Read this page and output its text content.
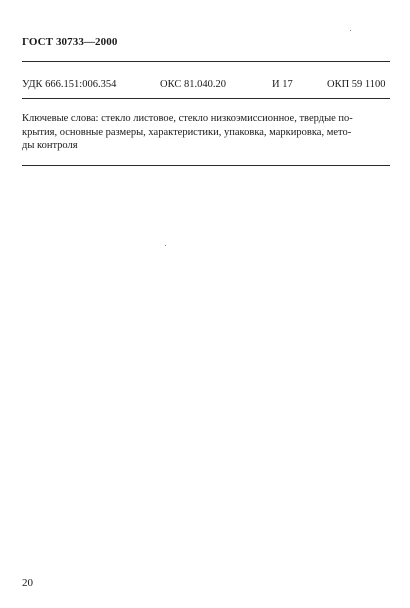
ГОСТ 30733—2000
УДК 666.151:006.354	ОКС 81.040.20	И 17	ОКП 59 1100
Ключевые слова: стекло листовое, стекло низкоэмиссионное, твердые по-
крытия, основные размеры, характеристики, упаковка, маркировка, мето-
ды контроля
20
